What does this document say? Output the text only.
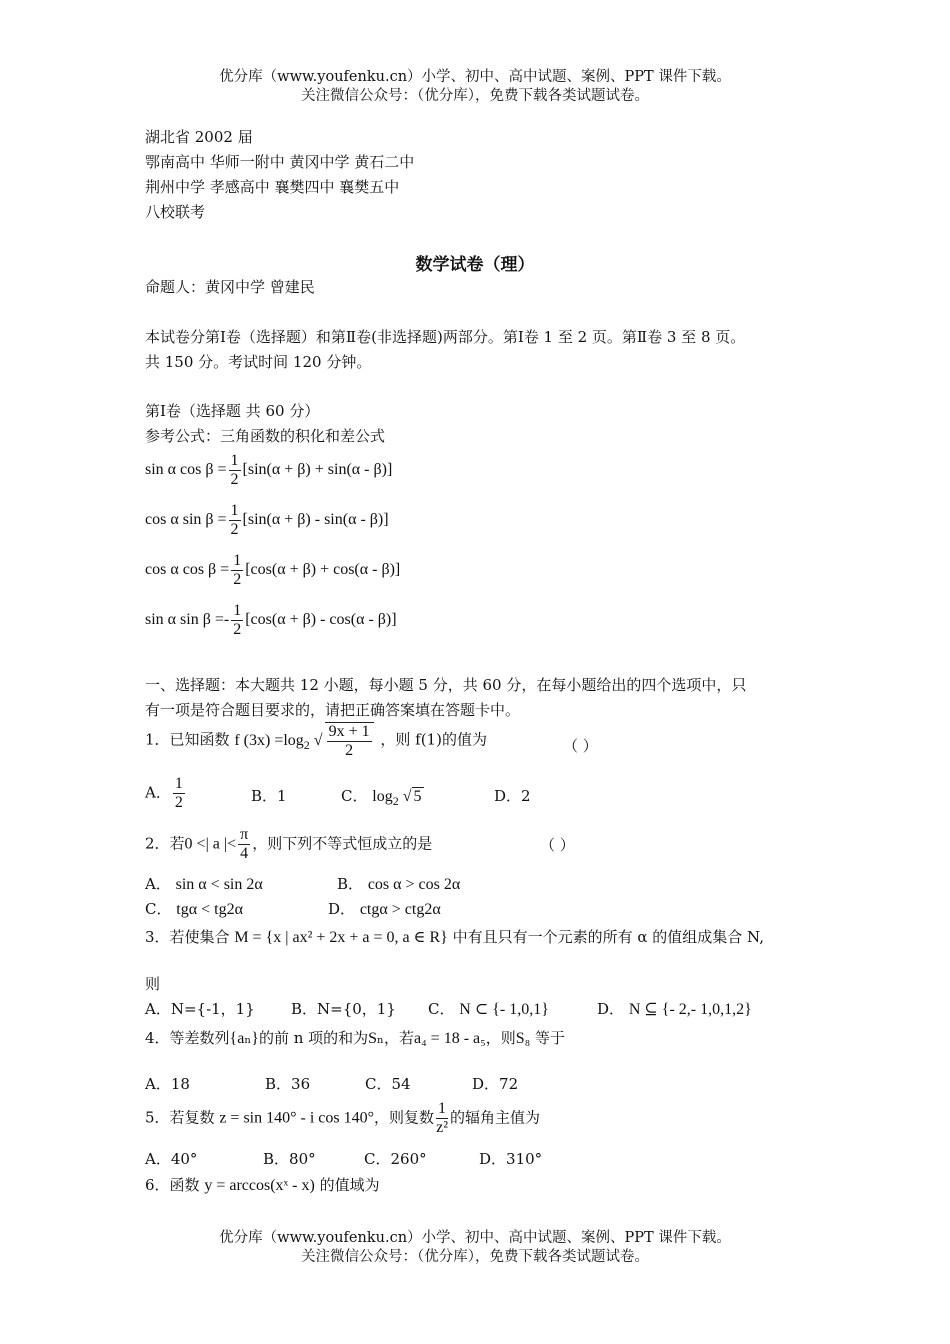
优分库（www.youfenku.cn）小学、初中、高中试题、案例、PPT 课件下载。
关注微信公众号：（优分库），免费下载各类试题试卷。
湖北省 2002 届
鄂南高中 华师一附中 黄冈中学 黄石二中
荆州中学 孝感高中 襄樊四中 襄樊五中
八校联考
数学试卷（理）
命题人：黄冈中学 曾建民
本试卷分第Ⅰ卷（选择题）和第Ⅱ卷(非选择题)两部分。第Ⅰ卷 1 至 2 页。第Ⅱ卷 3 至 8 页。
共 150 分。考试时间 120 分钟。
第Ⅰ卷（选择题 共 60 分）
参考公式：三角函数的积化和差公式
sin α $\cos \beta = \frac{1}{2} [\sin(\alpha + \beta) + \sin(\alpha - \beta)]$
cos α $\sin \beta = \frac{1}{2} [\sin(\alpha + \beta) - \sin(\alpha - \beta)]$
cos α $\cos \beta = \frac{1}{2} [\cos(\alpha + \beta) + \cos(\alpha - \beta)]$
sin α $\sin \beta =- \frac{1}{2} [\cos(\alpha + \beta) - \cos(\alpha - \beta)]$
一、选择题：本大题共 12 小题，每小题 5 分，共 60 分，在每小题给出的四个选项中，只
有一项是符合题目要求的，请把正确答案填在答题卡中。
1．已知函数 f $(3x) =\log_2$ √ $\frac{9x + 1}{2}$ ，则 f(1)的值为	（ ）
A． $\frac{1}{2}$	B．1	C． $\log_2$ √ 5	D．2
2．若0 <| a |< $\frac{\pi}{4}$ ，则下列不等式恒成立的是	（ ）
A． sin α < sin 2α	B． cos α > cos 2α
C． tgα < tg2α	D． ctgα > ctg2α
3．若使集合 M = {x | ax² + 2x + a = 0, a ∈ R} 中有且只有一个元素的所有 α 的值组成集合 N,
则
A．N={-1，1} B．N={0，1} C． N ⊂ {- 1,0,1}	D． N ⊆ {- 2,- 1,0,1,2}
4．等差数列{aₙ}的前 n 项的和为Sₙ，若a₄ = 18 - a₅，则S₈ 等于
A．18	B．36	C．54	D．72
5．若复数 z = sin 140° - i cos 140°，则复数 $\frac{1}{\text{z²}}$ 的辐角主值为
A．40°	B．80°	C．260°	D．310°
6．函数 y = arccos(xˣ - x) 的值域为
优分库（www.youfenku.cn）小学、初中、高中试题、案例、PPT 课件下载。
关注微信公众号：（优分库），免费下载各类试题试卷。
